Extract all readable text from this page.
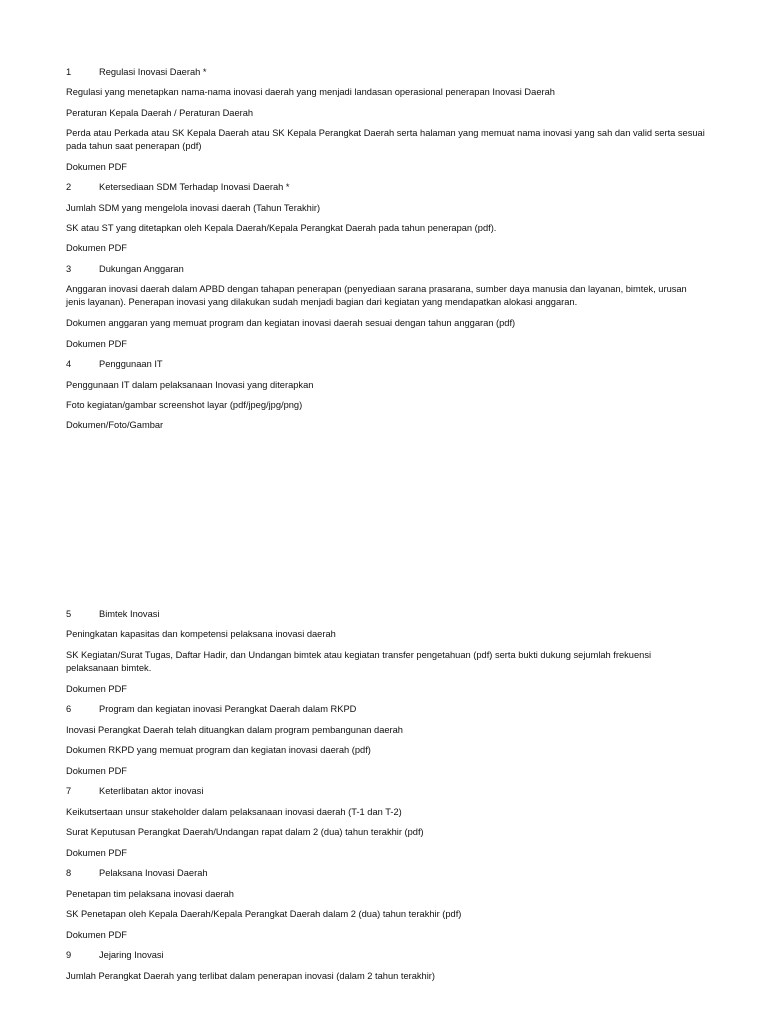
1	Regulasi Inovasi Daerah *
Regulasi yang menetapkan nama-nama inovasi daerah yang menjadi landasan operasional penerapan Inovasi Daerah
Peraturan Kepala Daerah / Peraturan Daerah
Perda atau Perkada atau SK Kepala Daerah atau SK Kepala Perangkat Daerah serta halaman yang memuat nama inovasi yang sah dan valid serta sesuai pada tahun saat penerapan (pdf)
Dokumen PDF
2	Ketersediaan SDM Terhadap Inovasi Daerah *
Jumlah SDM yang mengelola inovasi daerah (Tahun Terakhir)
SK atau ST yang ditetapkan oleh Kepala Daerah/Kepala Perangkat Daerah pada tahun penerapan (pdf).
Dokumen PDF
3	Dukungan Anggaran
Anggaran inovasi daerah dalam APBD dengan tahapan penerapan (penyediaan sarana prasarana, sumber daya manusia dan layanan, bimtek, urusan jenis layanan). Penerapan inovasi yang dilakukan sudah menjadi bagian dari kegiatan yang mendapatkan alokasi anggaran.
Dokumen anggaran yang memuat program dan kegiatan inovasi daerah sesuai dengan tahun anggaran (pdf)
Dokumen PDF
4	Penggunaan IT
Penggunaan IT dalam pelaksanaan Inovasi yang diterapkan
Foto kegiatan/gambar screenshot layar (pdf/jpeg/jpg/png)
Dokumen/Foto/Gambar
5	Bimtek Inovasi
Peningkatan kapasitas dan kompetensi pelaksana inovasi daerah
SK Kegiatan/Surat Tugas, Daftar Hadir, dan Undangan bimtek atau kegiatan transfer pengetahuan (pdf) serta bukti dukung sejumlah frekuensi pelaksanaan bimtek.
Dokumen PDF
6	Program dan kegiatan inovasi Perangkat Daerah dalam RKPD
Inovasi Perangkat Daerah telah dituangkan dalam program pembangunan daerah
Dokumen RKPD yang memuat program dan kegiatan inovasi daerah (pdf)
Dokumen PDF
7	Keterlibatan aktor inovasi
Keikutsertaan unsur stakeholder dalam pelaksanaan inovasi daerah (T-1 dan T-2)
Surat Keputusan Perangkat Daerah/Undangan rapat dalam 2 (dua) tahun terakhir (pdf)
Dokumen PDF
8	Pelaksana Inovasi Daerah
Penetapan tim pelaksana inovasi daerah
SK Penetapan oleh Kepala Daerah/Kepala Perangkat Daerah dalam 2 (dua) tahun terakhir (pdf)
Dokumen PDF
9	Jejaring Inovasi
Jumlah Perangkat Daerah yang terlibat dalam penerapan inovasi (dalam 2 tahun terakhir)
